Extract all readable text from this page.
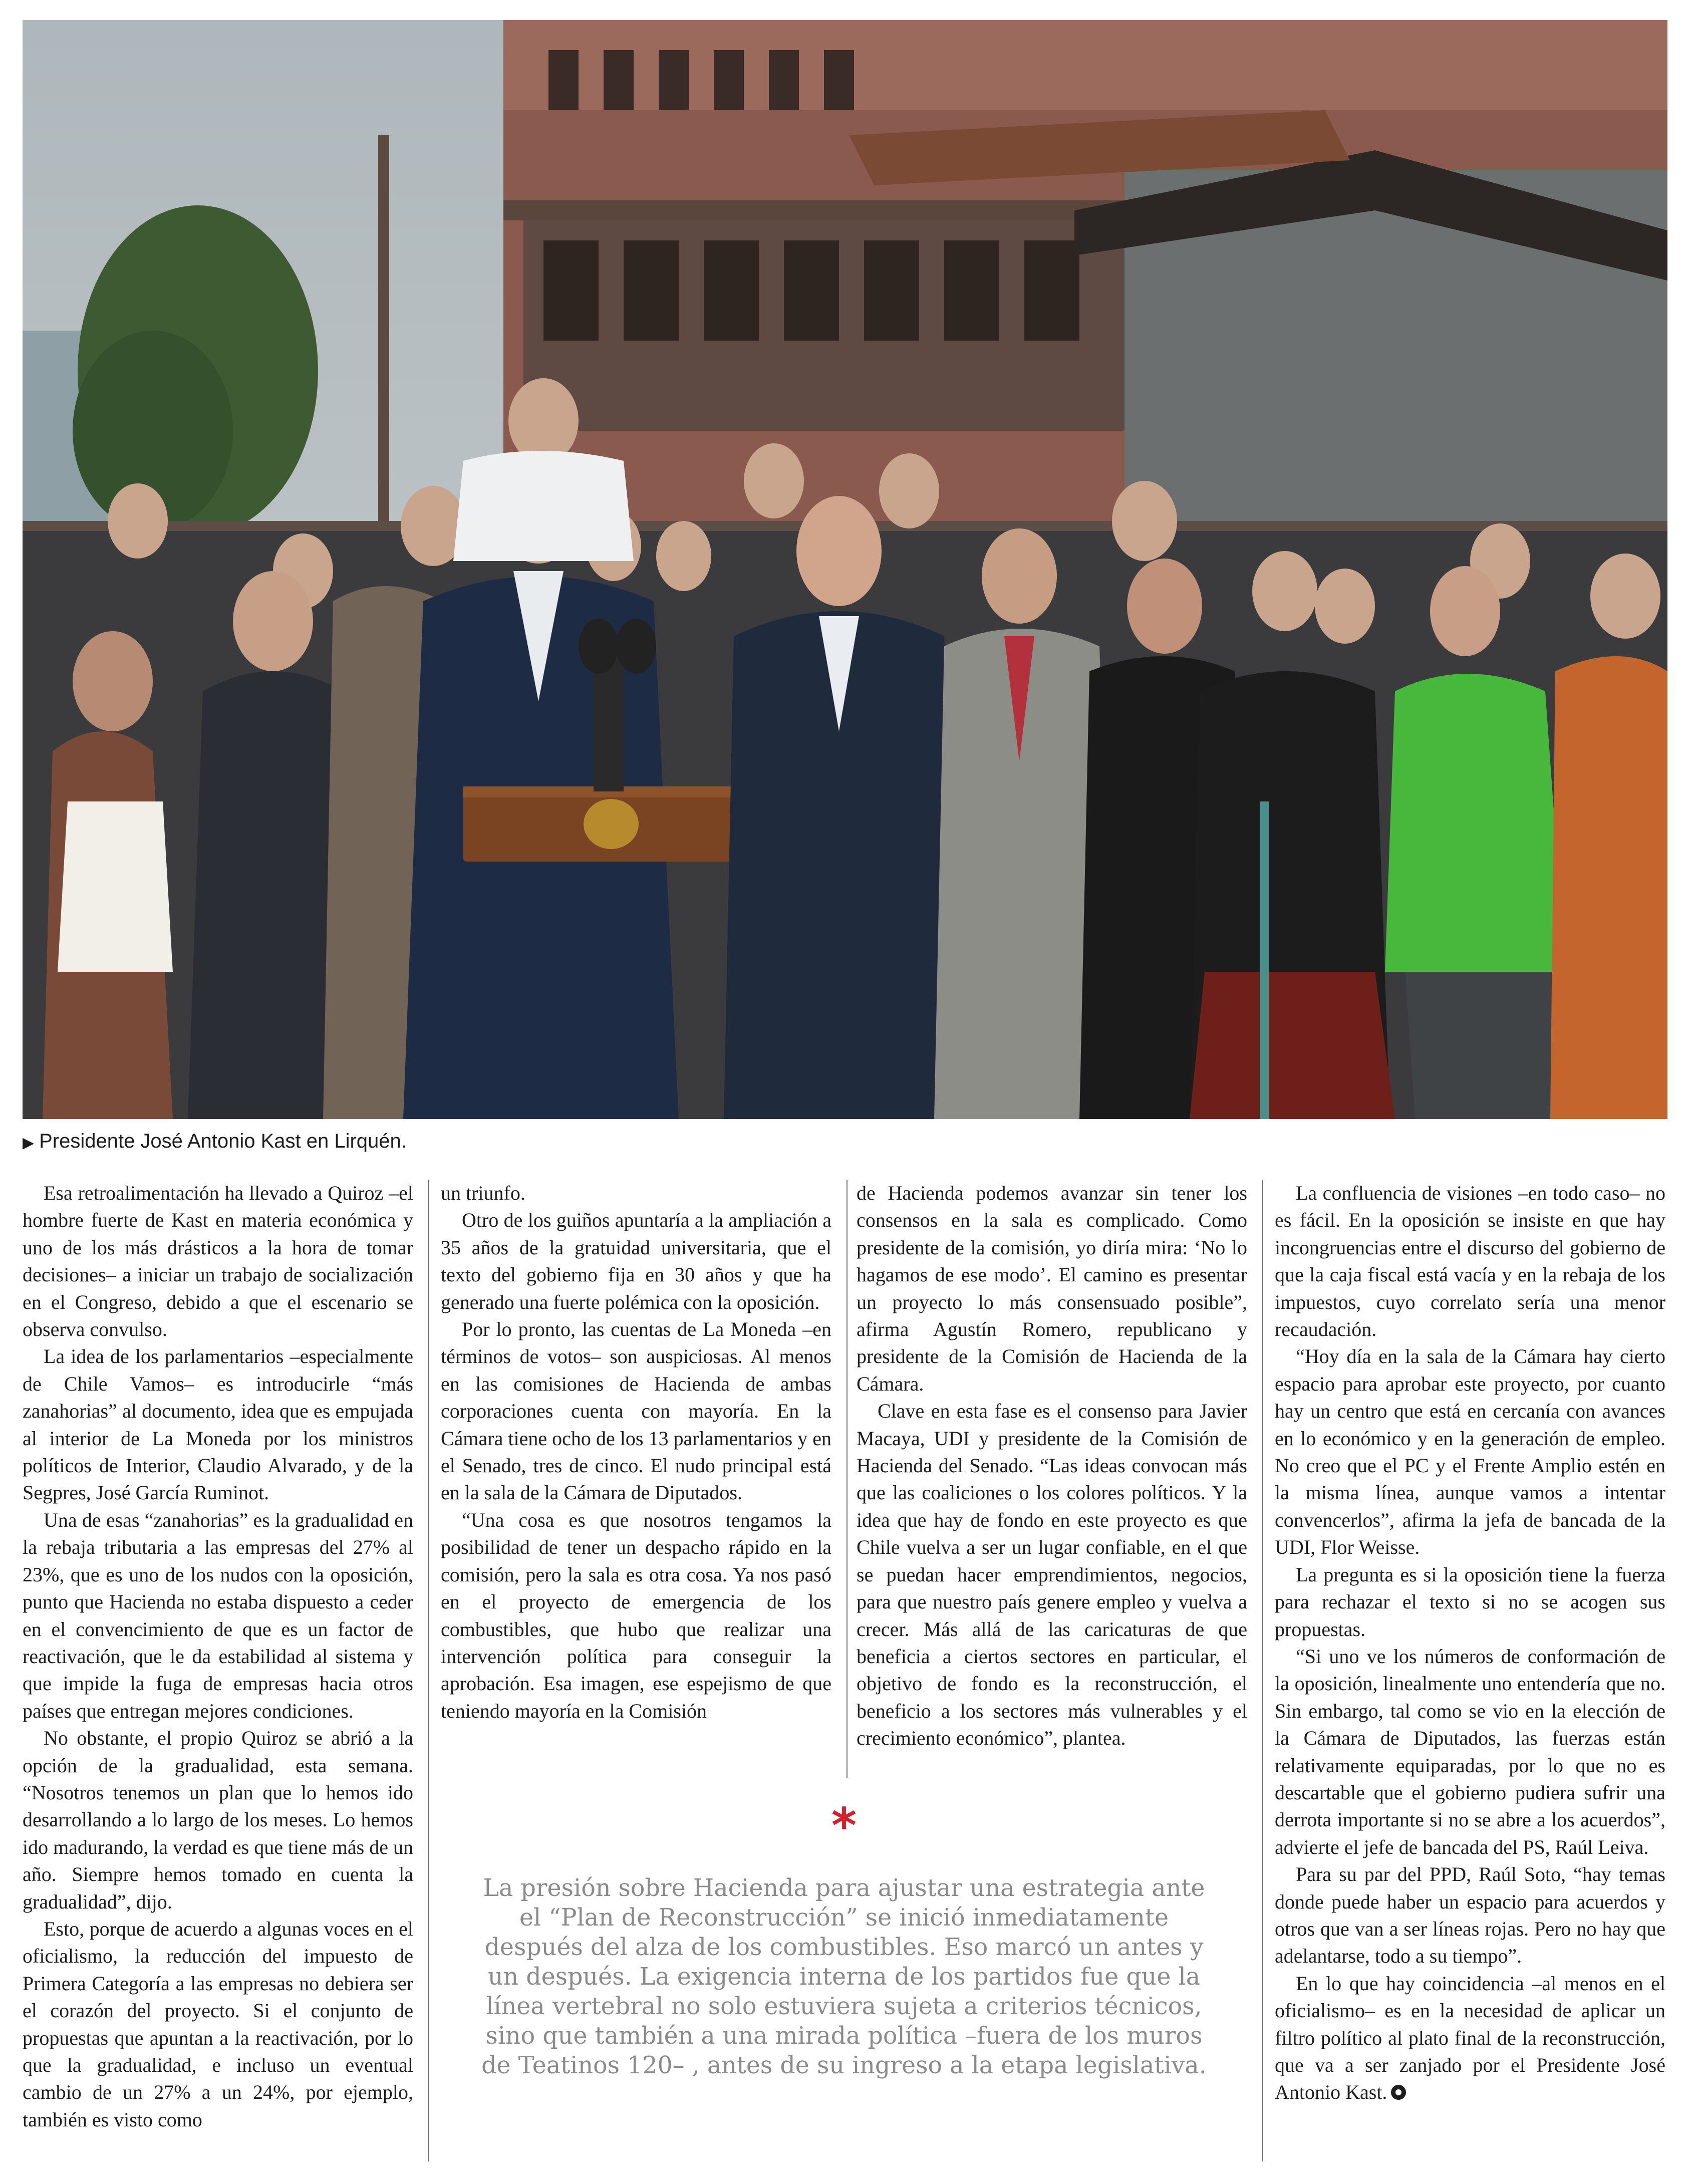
▶ Presidente José Antonio Kast en Lirquén.

Esa retroalimentación ha llevado a Quiroz –el hombre fuerte de Kast en materia económica y uno de los más drásticos a la hora de tomar decisiones– a iniciar un trabajo de socialización en el Congreso, debido a que el escenario se observa convulso.

La idea de los parlamentarios –especialmente de Chile Vamos– es introducirle “más zanahorias” al documento, idea que es empujada al interior de La Moneda por los ministros políticos de Interior, Claudio Alvarado, y de la Segpres, José García Ruminot.

Una de esas “zanahorias” es la gradualidad en la rebaja tributaria a las empresas del 27% al 23%, que es uno de los nudos con la oposición, punto que Hacienda no estaba dispuesto a ceder en el convencimiento de que es un factor de reactivación, que le da estabilidad al sistema y que impide la fuga de empresas hacia otros países que entregan mejores condiciones.

No obstante, el propio Quiroz se abrió a la opción de la gradualidad, esta semana. “Nosotros tenemos un plan que lo hemos ido desarrollando a lo largo de los meses. Lo hemos ido madurando, la verdad es que tiene más de un año. Siempre hemos tomado en cuenta la gradualidad”, dijo.

Esto, porque de acuerdo a algunas voces en el oficialismo, la reducción del impuesto de Primera Categoría a las empresas no debiera ser el corazón del proyecto. Si el conjunto de propuestas que apuntan a la reactivación, por lo que la gradualidad, e incluso un eventual cambio de un 27% a un 24%, por ejemplo, también es visto como

un triunfo.

Otro de los guiños apuntaría a la ampliación a 35 años de la gratuidad universitaria, que el texto del gobierno fija en 30 años y que ha generado una fuerte polémica con la oposición.

Por lo pronto, las cuentas de La Moneda –en términos de votos– son auspiciosas. Al menos en las comisiones de Hacienda de ambas corporaciones cuenta con mayoría. En la Cámara tiene ocho de los 13 parlamentarios y en el Senado, tres de cinco. El nudo principal está en la sala de la Cámara de Diputados.

“Una cosa es que nosotros tengamos la posibilidad de tener un despacho rápido en la comisión, pero la sala es otra cosa. Ya nos pasó en el proyecto de emergencia de los combustibles, que hubo que realizar una intervención política para conseguir la aprobación. Esa imagen, ese espejismo de que teniendo mayoría en la Comisión

de Hacienda podemos avanzar sin tener los consensos en la sala es complicado. Como presidente de la comisión, yo diría mira: ‘No lo hagamos de ese modo’. El camino es presentar un proyecto lo más consensuado posible”, afirma Agustín Romero, republicano y presidente de la Comisión de Hacienda de la Cámara.

Clave en esta fase es el consenso para Javier Macaya, UDI y presidente de la Comisión de Hacienda del Senado. “Las ideas convocan más que las coaliciones o los colores políticos. Y la idea que hay de fondo en este proyecto es que Chile vuelva a ser un lugar confiable, en el que se puedan hacer emprendimientos, negocios, para que nuestro país genere empleo y vuelva a crecer. Más allá de las caricaturas de que beneficia a ciertos sectores en particular, el objetivo de fondo es la reconstrucción, el beneficio a los sectores más vulnerables y el crecimiento económico”, plantea.

La confluencia de visiones –en todo caso– no es fácil. En la oposición se insiste en que hay incongruencias entre el discurso del gobierno de que la caja fiscal está vacía y en la rebaja de los impuestos, cuyo correlato sería una menor recaudación.

“Hoy día en la sala de la Cámara hay cierto espacio para aprobar este proyecto, por cuanto hay un centro que está en cercanía con avances en lo económico y en la generación de empleo. No creo que el PC y el Frente Amplio estén en la misma línea, aunque vamos a intentar convencerlos”, afirma la jefa de bancada de la UDI, Flor Weisse.

La pregunta es si la oposición tiene la fuerza para rechazar el texto si no se acogen sus propuestas.

“Si uno ve los números de conformación de la oposición, linealmente uno entendería que no. Sin embargo, tal como se vio en la elección de la Cámara de Diputados, las fuerzas están relativamente equiparadas, por lo que no es descartable que el gobierno pudiera sufrir una derrota importante si no se abre a los acuerdos”, advierte el jefe de bancada del PS, Raúl Leiva.

Para su par del PPD, Raúl Soto, “hay temas donde puede haber un espacio para acuerdos y otros que van a ser líneas rojas. Pero no hay que adelantarse, todo a su tiempo”.

En lo que hay coincidencia –al menos en el oficialismo– es en la necesidad de aplicar un filtro político al plato final de la reconstrucción, que va a ser zanjado por el Presidente José Antonio Kast.

*
La presión sobre Hacienda para ajustar una estrategia ante el “Plan de Reconstrucción” se inició inmediatamente después del alza de los combustibles. Eso marcó un antes y un después. La exigencia interna de los partidos fue que la línea vertebral no solo estuviera sujeta a criterios técnicos, sino que también a una mirada política –fuera de los muros de Teatinos 120– , antes de su ingreso a la etapa legislativa.
